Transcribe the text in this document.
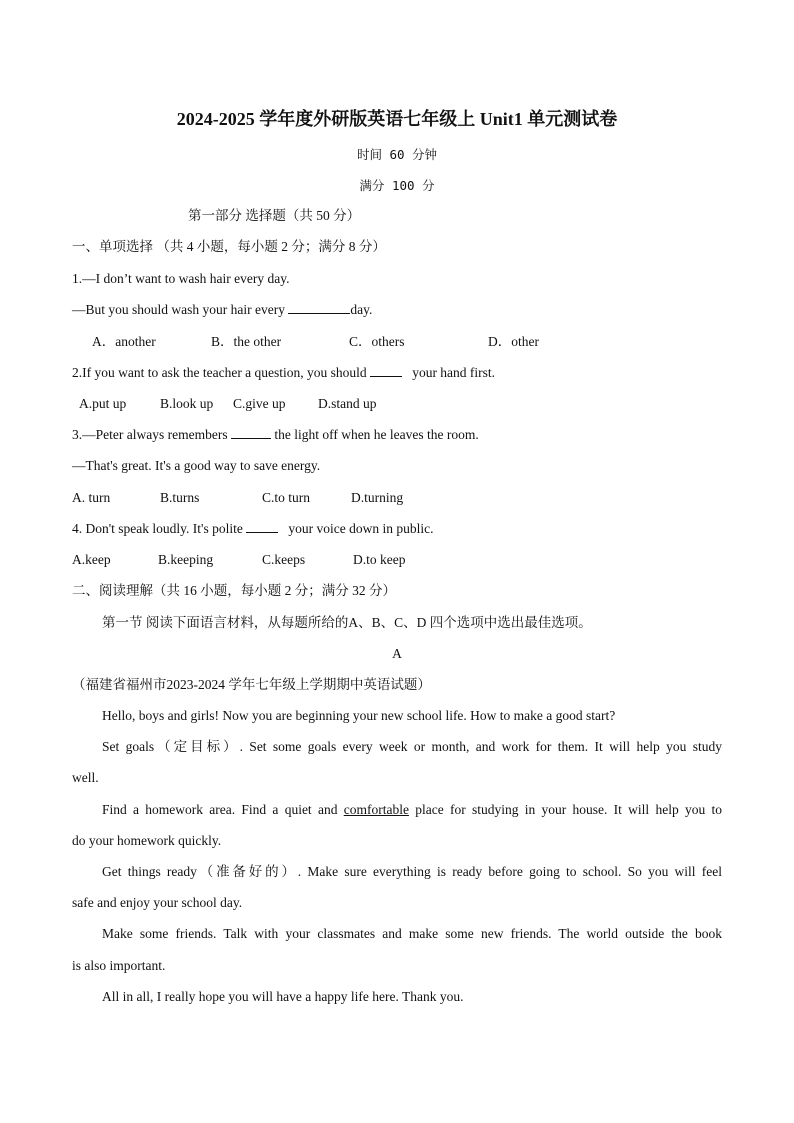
2024-2025 学年度外研版英语七年级上 Unit1 单元测试卷
时间 60 分钟
满分 100 分
第一部分 选择题（共 50 分）
一、单项选择 （共 4 小题，每小题 2 分；满分 8 分）
1.—I don’t want to wash hair every day.
—But you should wash your hair every	day.
A．another	B．the other	C．others	D．other
2.If you want to ask the teacher a question, you should	your hand first.
A.put up	B.look up C.give up D.stand up
3.—Peter always remembers	the light off when he leaves the room.
—That's great. It's a good way to save energy.
A. turn	B.turns	C.to turn	D.turning
4. Don't speak loudly. It's polite	your voice down in public.
A.keep	B.keeping	C.keeps	D.to keep
二、阅读理解（共 16 小题，每小题 2 分；满分 32 分）
第一节 阅读下面语言材料，从每题所给的A、B、C、D 四个选项中选出最佳选项。
A
（福建省福州市2023-2024 学年七年级上学期期中英语试题）
Hello, boys and girls! Now you are beginning your new school life. How to make a good start?
Set goals（定目标）. Set some goals every week or month, and work for them. It will help you study
well.
Find a homework area. Find a quiet and comfortable place for studying in your house. It will help you to
do your homework quickly.
Get things ready（准备好的）. Make sure everything is ready before going to school. So you will feel
safe and enjoy your school day.
Make some friends. Talk with your classmates and make some new friends. The world outside the book
is also important.
All in all, I really hope you will have a happy life here. Thank you.
